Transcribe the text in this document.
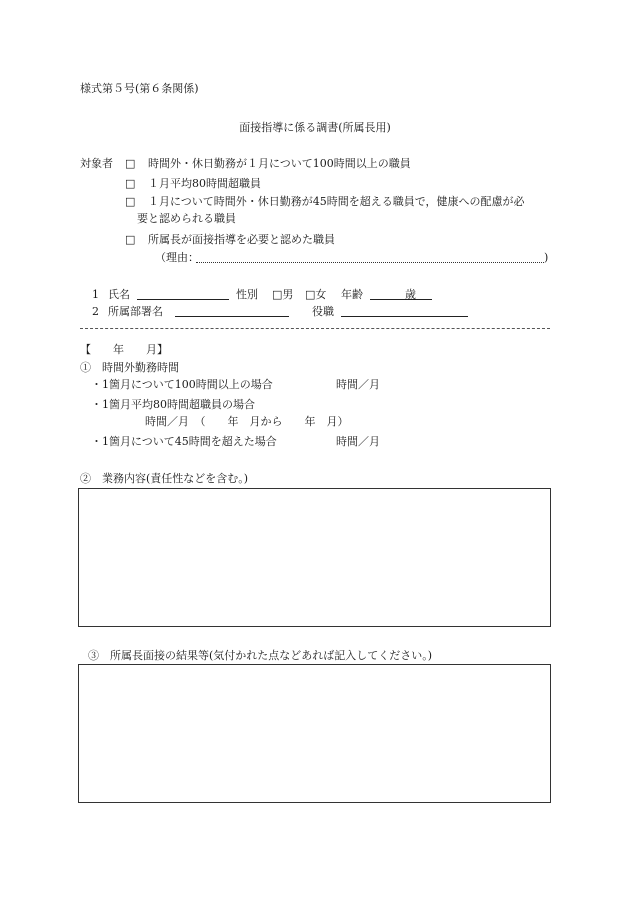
様式第５号(第６条関係)
面接指導に係る調書(所属長用)
対象者 □ 時間外・休日勤務が１月について100時間以上の職員
□ １月平均80時間超職員
□ １月について時間外・休日勤務が45時間を超える職員で，健康への配慮が必
要と認められる職員
□ 所属長が面接指導を必要と認めた職員
（理由：	)
1 氏名	性別 □男 □女 年齢	歳
2 所属部署名	役職
【　　年　　月】
①　時間外勤務時間
・1箇月について100時間以上の場合	時間／月
・1箇月平均80時間超職員の場合
時間／月　（　　年　月から　　年　月）
・1箇月について45時間を超えた場合	時間／月
②　業務内容(責任性などを含む。)
③　所属長面接の結果等(気付かれた点などあれば記入してください。)
